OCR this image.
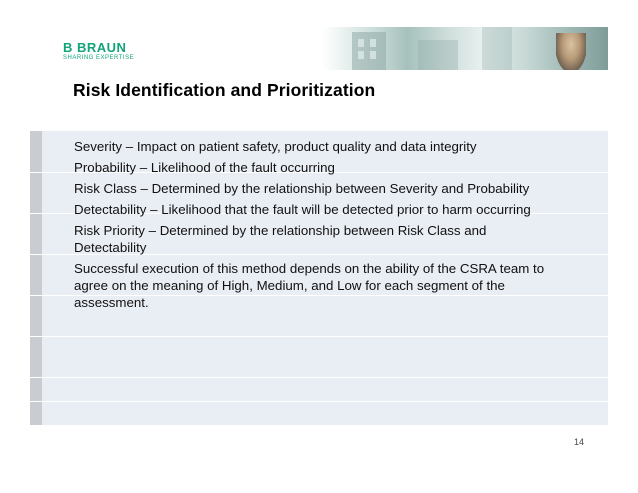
B BRAUN
SHARING EXPERTISE
Risk Identification and Prioritization
Severity – Impact on patient safety, product quality and data integrity
Probability – Likelihood of the fault occurring
Risk Class – Determined by the relationship between Severity and Probability
Detectability – Likelihood that the fault will be detected prior to harm occurring
Risk Priority – Determined by the relationship between Risk Class and Detectability
Successful execution of this method depends on the ability of the CSRA team to agree on the meaning of High, Medium, and Low for each segment of the assessment.
14
